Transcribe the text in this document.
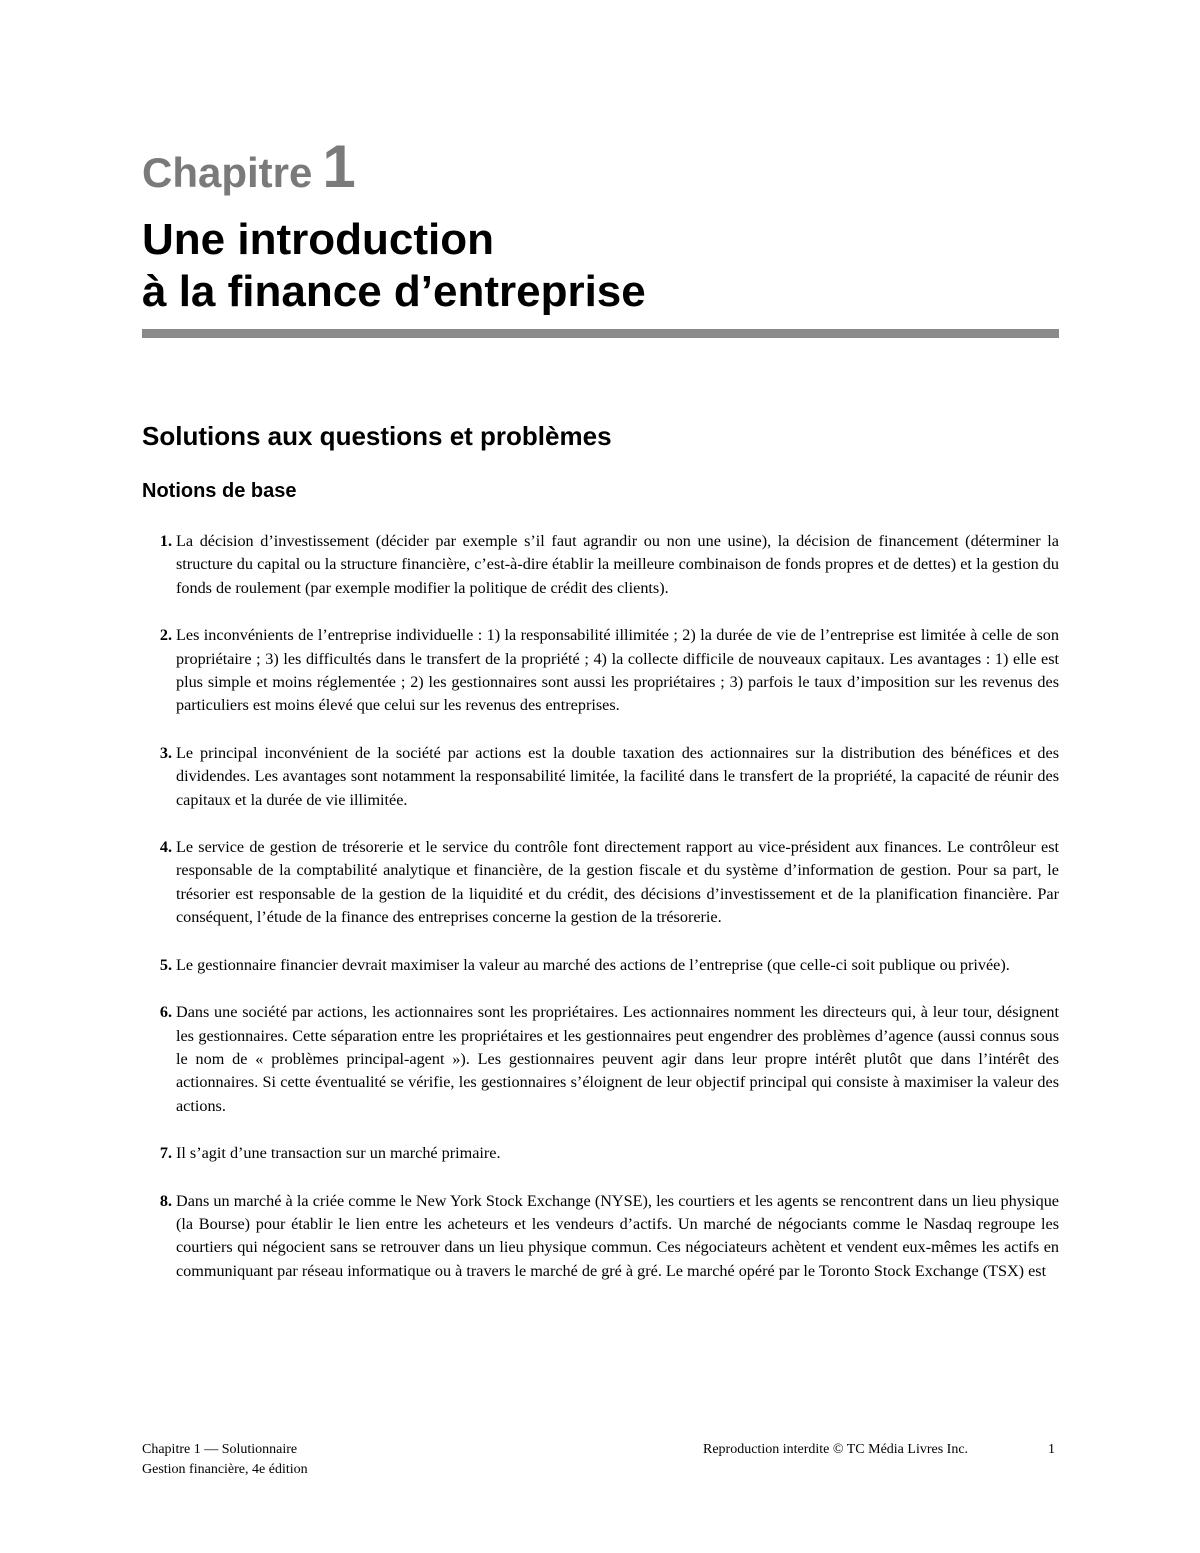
Chapitre 1
Une introduction
à la finance d’entreprise
Solutions aux questions et problèmes
Notions de base
1. La décision d’investissement (décider par exemple s’il faut agrandir ou non une usine), la décision de financement (déterminer la structure du capital ou la structure financière, c’est-à-dire établir la meilleure combinaison de fonds propres et de dettes) et la gestion du fonds de roulement (par exemple modifier la politique de crédit des clients).
2. Les inconvénients de l’entreprise individuelle : 1) la responsabilité illimitée ; 2) la durée de vie de l’entreprise est limitée à celle de son propriétaire ; 3) les difficultés dans le transfert de la propriété ; 4) la collecte difficile de nouveaux capitaux. Les avantages : 1) elle est plus simple et moins réglementée ; 2) les gestionnaires sont aussi les propriétaires ; 3) parfois le taux d’imposition sur les revenus des particuliers est moins élevé que celui sur les revenus des entreprises.
3. Le principal inconvénient de la société par actions est la double taxation des actionnaires sur la distribution des bénéfices et des dividendes. Les avantages sont notamment la responsabilité limitée, la facilité dans le transfert de la propriété, la capacité de réunir des capitaux et la durée de vie illimitée.
4. Le service de gestion de trésorerie et le service du contrôle font directement rapport au vice-président aux finances. Le contrôleur est responsable de la comptabilité analytique et financière, de la gestion fiscale et du système d’information de gestion. Pour sa part, le trésorier est responsable de la gestion de la liquidité et du crédit, des décisions d’investissement et de la planification financière. Par conséquent, l’étude de la finance des entreprises concerne la gestion de la trésorerie.
5. Le gestionnaire financier devrait maximiser la valeur au marché des actions de l’entreprise (que celle-ci soit publique ou privée).
6. Dans une société par actions, les actionnaires sont les propriétaires. Les actionnaires nomment les directeurs qui, à leur tour, désignent les gestionnaires. Cette séparation entre les propriétaires et les gestionnaires peut engendrer des problèmes d’agence (aussi connus sous le nom de « problèmes principal-agent »). Les gestionnaires peuvent agir dans leur propre intérêt plutôt que dans l’intérêt des actionnaires. Si cette éventualité se vérifie, les gestionnaires s’éloignent de leur objectif principal qui consiste à maximiser la valeur des actions.
7. Il s’agit d’une transaction sur un marché primaire.
8. Dans un marché à la criée comme le New York Stock Exchange (NYSE), les courtiers et les agents se rencontrent dans un lieu physique (la Bourse) pour établir le lien entre les acheteurs et les vendeurs d’actifs. Un marché de négociants comme le Nasdaq regroupe les courtiers qui négocient sans se retrouver dans un lieu physique commun. Ces négociateurs achètent et vendent eux-mêmes les actifs en communiquant par réseau informatique ou à travers le marché de gré à gré. Le marché opéré par le Toronto Stock Exchange (TSX) est
Chapitre 1 — Solutionnaire
Gestion financière, 4e édition
Reproduction interdite © TC Média Livres Inc.	1
